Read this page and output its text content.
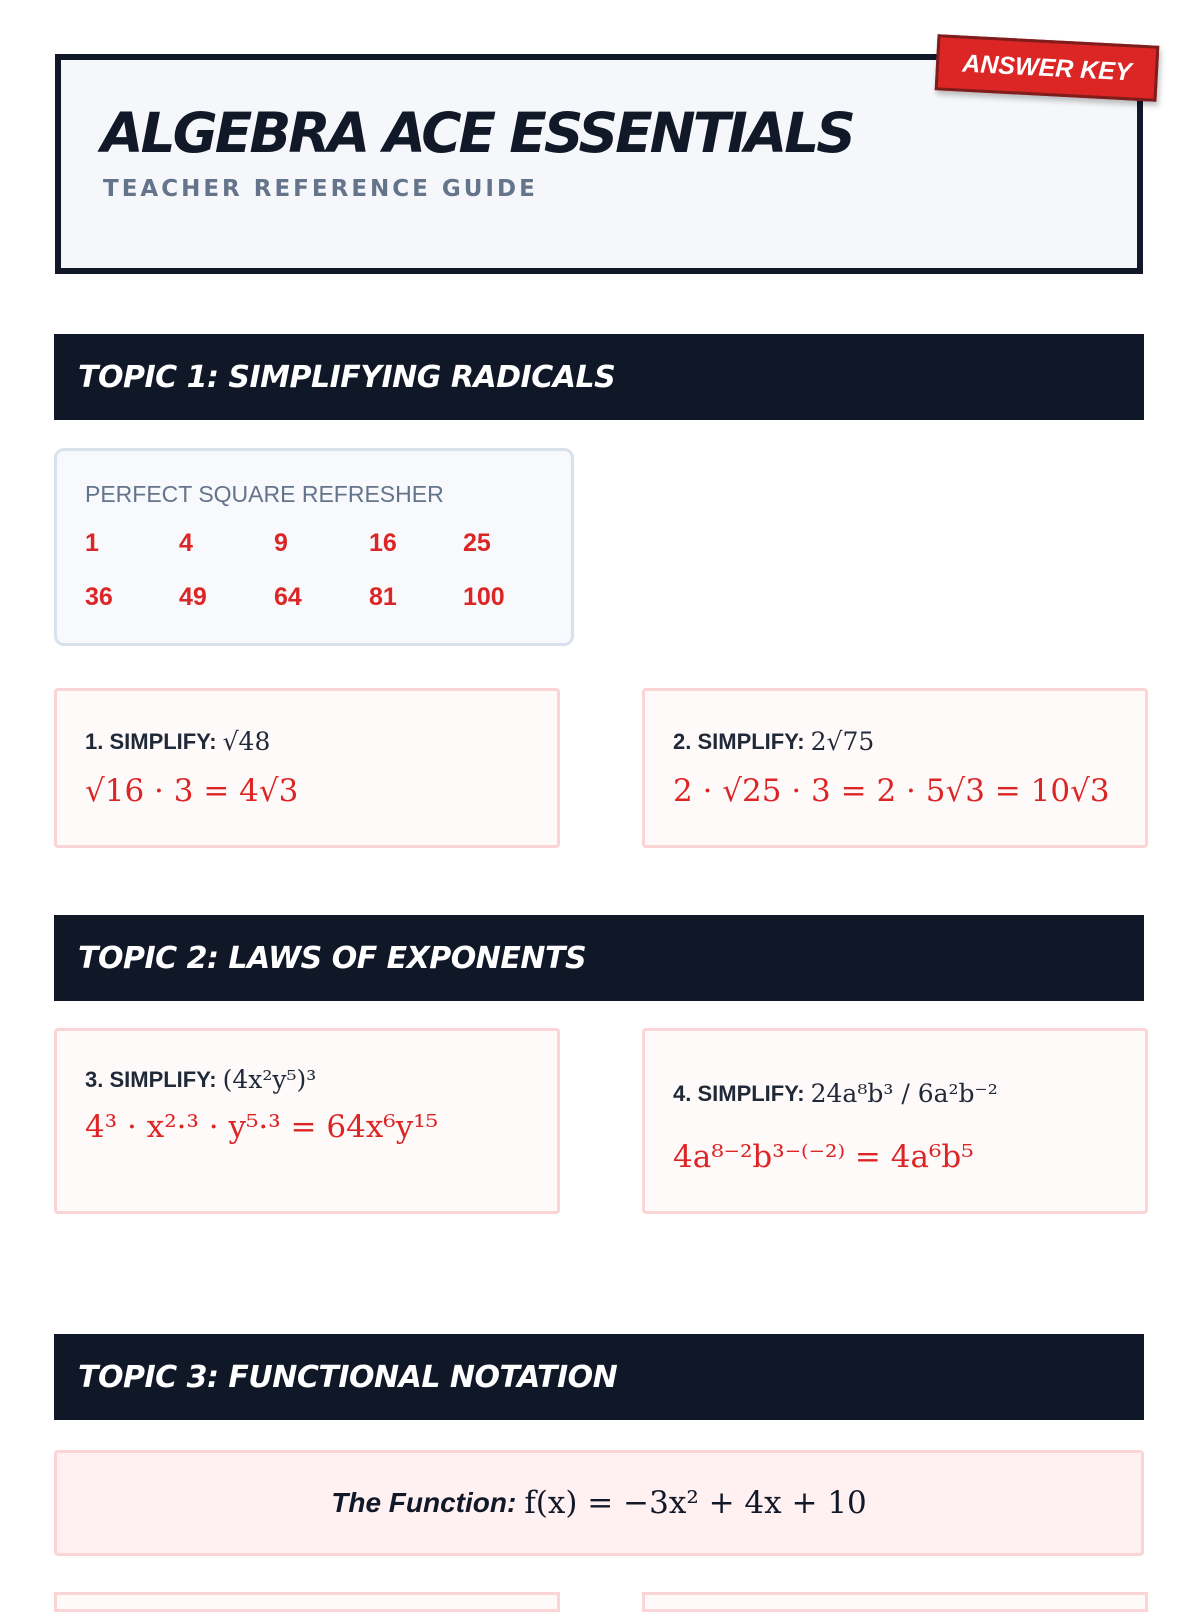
ALGEBRA ACE ESSENTIALS
TEACHER REFERENCE GUIDE
ANSWER KEY
TOPIC 1: SIMPLIFYING RADICALS
PERFECT SQUARE REFRESHER
1	4	9	16	25
36	49	64	81	100
1. SIMPLIFY: √48
√16 · 3 = 4√3
2. SIMPLIFY: 2√75
2 · √25 · 3 = 2 · 5√3 = 10√3
TOPIC 2: LAWS OF EXPONENTS
3. SIMPLIFY: (4x²y⁵)³
4³ · x²·³ · y⁵·³ = 64x⁶y¹⁵
4. SIMPLIFY: 24a⁸b³ / 6a²b⁻²
4a⁸⁻²b³⁻⁽⁻²⁾ = 4a⁶b⁵
TOPIC 3: FUNCTIONAL NOTATION
The Function: f(x) = −3x² + 4x + 10
